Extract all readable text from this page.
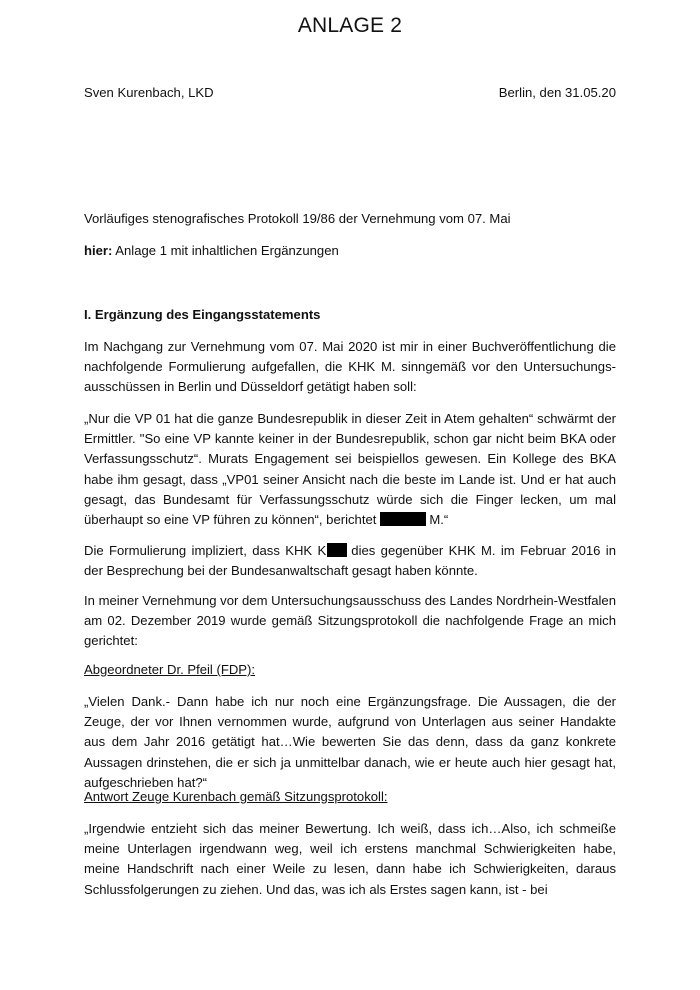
ANLAGE 2
Sven Kurenbach, LKD	Berlin, den 31.05.20

Vorläufiges stenografisches Protokoll 19/86 der Vernehmung vom 07. Mai

hier: Anlage 1 mit inhaltlichen Ergänzungen

I. Ergänzung des Eingangsstatements

Im Nachgang zur Vernehmung vom 07. Mai 2020 ist mir in einer Buchveröffentlichung die nachfolgende Formulierung aufgefallen, die KHK M. sinngemäß vor den Untersuchungs-ausschüssen in Berlin und Düsseldorf getätigt haben soll:

„Nur die VP 01 hat die ganze Bundesrepublik in dieser Zeit in Atem gehalten“ schwärmt der Ermittler. "So eine VP kannte keiner in der Bundesrepublik, schon gar nicht beim BKA oder Verfassungsschutz“. Murats Engagement sei beispiellos gewesen. Ein Kollege des BKA habe ihm gesagt, dass „VP01 seiner Ansicht nach die beste im Lande ist. Und er hat auch gesagt, das Bundesamt für Verfassungsschutz würde sich die Finger lecken, um mal überhaupt so eine VP führen zu können“, berichtet	M.“

Die Formulierung impliziert, dass KHK K dies gegenüber KHK M. im Februar 2016 in der Besprechung bei der Bundesanwaltschaft gesagt haben könnte.

In meiner Vernehmung vor dem Untersuchungsausschuss des Landes Nordrhein-Westfalen am 02. Dezember 2019 wurde gemäß Sitzungsprotokoll die nachfolgende Frage an mich gerichtet:

Abgeordneter Dr. Pfeil (FDP):

„Vielen Dank.- Dann habe ich nur noch eine Ergänzungsfrage. Die Aussagen, die der Zeuge, der vor Ihnen vernommen wurde, aufgrund von Unterlagen aus seiner Handakte aus dem Jahr 2016 getätigt hat…Wie bewerten Sie das denn, dass da ganz konkrete Aussagen drinstehen, die er sich ja unmittelbar danach, wie er heute auch hier gesagt hat, aufgeschrieben hat?“

Antwort Zeuge Kurenbach gemäß Sitzungsprotokoll:

„Irgendwie entzieht sich das meiner Bewertung. Ich weiß, dass ich…Also, ich schmeiße meine Unterlagen irgendwann weg, weil ich erstens manchmal Schwierigkeiten habe, meine Handschrift nach einer Weile zu lesen, dann habe ich Schwierigkeiten, daraus Schlussfolgerungen zu ziehen. Und das, was ich als Erstes sagen kann, ist - bei
